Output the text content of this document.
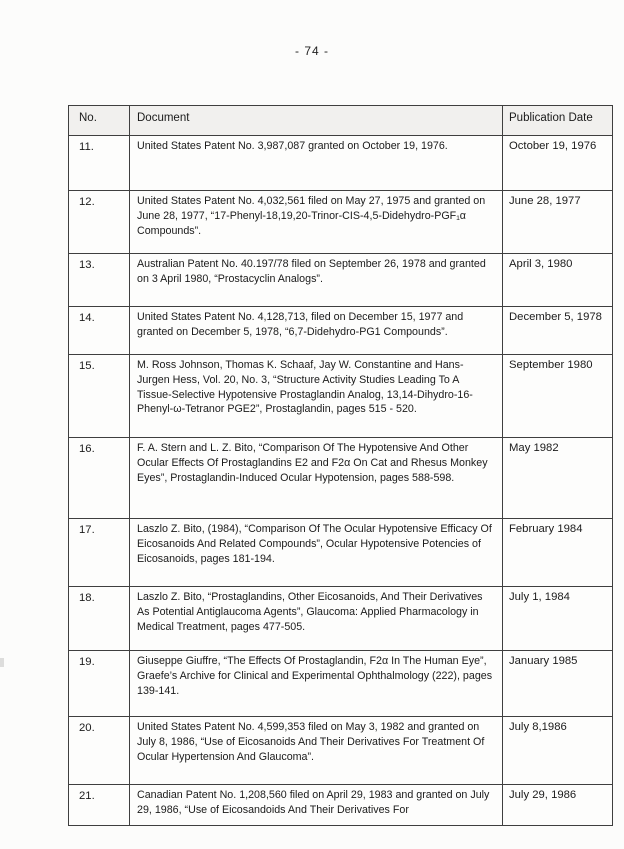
- 74 -
No.	Document	Publication Date
11.	United States Patent No. 3,987,087 granted on October 19, 1976.	October 19, 1976
12.	United States Patent No. 4,032,561 filed on May 27, 1975 and granted on June 28, 1977, “17-Phenyl-18,19,20-Trinor-CIS-4,5-Didehydro-PGF₁α Compounds”.	June 28, 1977
13.	Australian Patent No. 40.197/78 filed on September 26, 1978 and granted on 3 April 1980, “Prostacyclin Analogs”.	April 3, 1980
14.	United States Patent No. 4,128,713, filed on December 15, 1977 and granted on December 5, 1978, “6,7-Didehydro-PG1 Compounds”.	December 5, 1978
15.	M. Ross Johnson, Thomas K. Schaaf, Jay W. Constantine and Hans-Jurgen Hess, Vol. 20, No. 3, “Structure Activity Studies Leading To A Tissue-Selective Hypotensive Prostaglandin Analog, 13,14-Dihydro-16-Phenyl-ω-Tetranor PGE2”, Prostaglandin, pages 515 - 520.	September 1980
16.	F. A. Stern and L. Z. Bito, “Comparison Of The Hypotensive And Other Ocular Effects Of Prostaglandins E2 and F2α On Cat and Rhesus Monkey Eyes”, Prostaglandin-Induced Ocular Hypotension, pages 588-598.	May 1982
17.	Laszlo Z. Bito, (1984), “Comparison Of The Ocular Hypotensive Efficacy Of Eicosanoids And Related Compounds”, Ocular Hypotensive Potencies of Eicosanoids, pages 181-194.	February 1984
18.	Laszlo Z. Bito, “Prostaglandins, Other Eicosanoids, And Their Derivatives As Potential Antiglaucoma Agents”, Glaucoma: Applied Pharmacology in Medical Treatment, pages 477-505.	July 1, 1984
19.	Giuseppe Giuffre, “The Effects Of Prostaglandin, F2α In The Human Eye”, Graefe’s Archive for Clinical and Experimental Ophthalmology (222), pages 139-141.	January 1985
20.	United States Patent No. 4,599,353 filed on May 3, 1982 and granted on July 8, 1986, “Use of Eicosanoids And Their Derivatives For Treatment Of Ocular Hypertension And Glaucoma”.	July 8,1986
21.	Canadian Patent No. 1,208,560 filed on April 29, 1983 and granted on July 29, 1986, “Use of Eicosandoids And Their Derivatives For	July 29, 1986
